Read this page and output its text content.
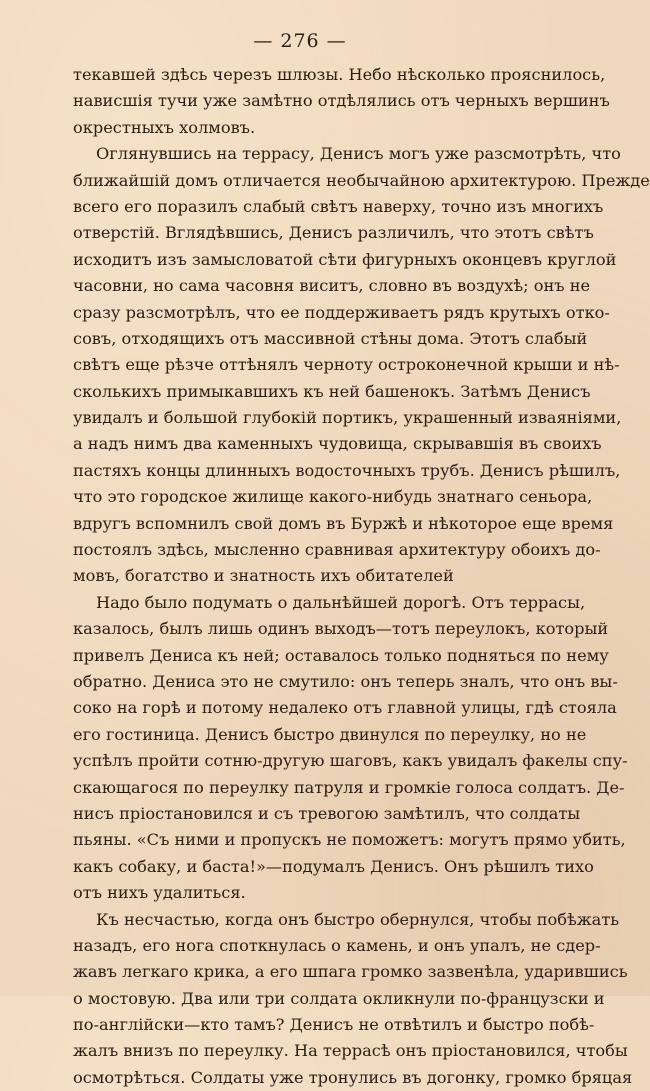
— 276 —
текавшей здѣсь черезъ шлюзы. Небо нѣсколько прояснилось,
нависшія тучи уже замѣтно отдѣлялись отъ черныхъ вершинъ
окрестныхъ холмовъ.
Оглянувшись на террасу, Денисъ могъ уже разсмотрѣть, что
ближайшій домъ отличается необычайною архитектурою. Прежде
всего его поразилъ слабый свѣтъ наверху, точно изъ многихъ
отверстій. Вглядѣвшись, Денисъ различилъ, что этотъ свѣтъ
исходитъ изъ замысловатой сѣти фигурныхъ оконцевъ круглой
часовни, но сама часовня виситъ, словно въ воздухѣ; онъ не
сразу разсмотрѣлъ, что ее поддерживаетъ рядъ крутыхъ отко-
совъ, отходящихъ отъ массивной стѣны дома. Этотъ слабый
свѣтъ еще рѣзче оттѣнялъ черноту остроконечной крыши и нѣ-
сколькихъ примыкавшихъ къ ней башенокъ. Затѣмъ Денисъ
увидалъ и большой глубокій портикъ, украшенный изваяніями,
а надъ нимъ два каменныхъ чудовища, скрывавшія въ своихъ
пастяхъ концы длинныхъ водосточныхъ трубъ. Денисъ рѣшилъ,
что это городское жилище какого-нибудь знатнаго сеньора,
вдругъ вспомнилъ свой домъ въ Буржѣ и нѣкоторое еще время
постоялъ здѣсь, мысленно сравнивая архитектуру обоихъ до-
мовъ, богатство и знатность ихъ обитателей
Надо было подумать о дальнѣйшей дорогѣ. Отъ террасы,
казалось, былъ лишь одинъ выходъ—тотъ переулокъ, который
привелъ Дениса къ ней; оставалось только подняться по нему
обратно. Дениса это не смутило: онъ теперь зналъ, что онъ вы-
соко на горѣ и потому недалеко отъ главной улицы, гдѣ стояла
его гостиница. Денисъ быстро двинулся по переулку, но не
успѣлъ пройти сотню-другую шаговъ, какъ увидалъ факелы спу-
скающагося по переулку патруля и громкіе голоса солдатъ. Де-
нисъ пріостановился и съ тревогою замѣтилъ, что солдаты
пьяны. «Съ ними и пропускъ не поможетъ: могутъ прямо убить,
какъ собаку, и баста!»—подумалъ Денисъ. Онъ рѣшилъ тихо
отъ нихъ удалиться.
Къ несчастью, когда онъ быстро обернулся, чтобы побѣжать
назадъ, его нога споткнулась о камень, и онъ упалъ, не сдер-
жавъ легкаго крика, а его шпага громко зазвенѣла, ударившись
о мостовую. Два или три солдата окликнули по-французски и
по-англійски—кто тамъ? Денисъ не отвѣтилъ и быстро побѣ-
жалъ внизъ по переулку. На террасѣ онъ пріостановился, чтобы
осмотрѣться. Солдаты уже тронулись въ догонку, громко бряцая
